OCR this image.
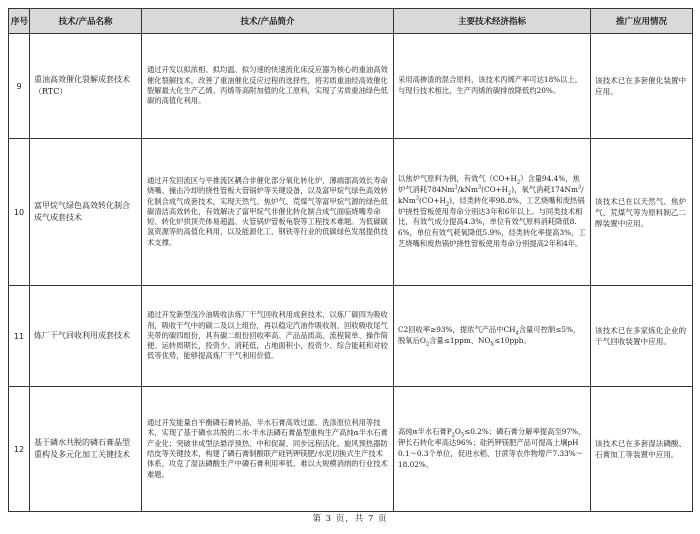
序号	技术/产品名称	技术/产品简介	主要技术经济指标	推广应用情况
9	重油高效催化裂解成套技术（RTC）	通过开发以拟浓相、拟均温、拟匀速的快速流化床反应器为核心的重油高效催化裂解技术，改善了重油催化反应过程的选择性，将劣质重油经高效催化裂解最大化生产乙烯、丙烯等高附加值的化工原料，实现了劣质重油绿色低碳的高值化利用。	采用高掺渣的混合原料，该技术丙烯产率可达18%以上，与现行技术相比，生产丙烯的碳排放降低约20%。	该技术已在多套催化装置中应用。
10	富甲烷气绿色高效转化制合成气成套技术	通过开发回流区与平推流区耦合非催化部分氧化转化炉、薄端部高效长寿命烧嘴、撞击冷却的挠性管板大管锅炉等关键设备，以及富甲烷气绿色高效转化制合成气成套技术，实现天然气、焦炉气、荒煤气等富甲烷气源的绿色低碳清洁高效转化，有效解决了富甲烷气非催化转化制合成气面临烧嘴寿命短、转化炉拱顶壳体易超温、火管锅炉管板龟裂等工程技术难题。为低碳碳氢资源等的高值化利用，以及能源化工、钢铁等行业的低碳绿色发展提供技术支撑。	以焦炉气原料为例，有效气$(CO+H_2)$含量94.4%，焦炉气消耗$784Nm^3/kNm^3(CO+H_2)$，氧气消耗$174Nm^3/kNm^3(CO+H_2)$，烃类转化率98.8%，工艺烧嘴和废热锅炉挠性管板使用寿命分别达3年和6年以上。与同类技术相比，有效气成分提高4.3%，单位有效气原料消耗降低8.6%，单位有效气耗氧降低5.9%，烃类转化率提高3%，工艺烧嘴和废热锅炉挠性管板使用寿命分别提高2年和4年。	该技术已在以天然气、焦炉气、荒煤气等为原料制乙二醇装置中应用。
11	炼厂干气回收利用成套技术	通过开发新型浅冷油吸收法炼厂干气回收利用成套技术，以炼厂碳四为吸收剂，吸收干气中的碳二及以上组份，再以稳定汽油作吸收剂，回收吸收尾气夹带的碳四组份，具有碳二组份回收率高、产品品质高、流程简单、操作简便、运转周期长，投资少、消耗低，占地面积小，投资少、综合能耗和对较低等优势，能够提高炼厂干气利用价值。	C2回收率≥93%，提浓气产品中$CH_4$含量可控制≤5%，脱氧后$O_2$含量≤1ppm、$NO_X\le 10ppb$。	该技术已在多家炼化企业的干气回收装置中应用。
12	基于磷水共脱的磷石膏晶型重构及多元化加工关键技术	通过开发能量自平衡磷石膏转晶、半水石膏高效过滤、洗涤原位利用等技术，实现了基于磷水共脱的二水-半水法磷石膏晶型重构生产高纯α半水石膏产业化；突破非成型法悬浮预热、中和促凝、同步远程活化、旋风预热器防结皮等关键技术，构建了磷石膏制酸联产硅钙钾镁肥/水泥切换式生产技术体系，攻克了湿法磷酸生产中磷石膏利用率低、难以大规模消纳的行业技术难题。	高纯α半水石膏$P_2O_5\le 0.2\%$；磷石膏分解率提高至97%，钾长石转化率高达96%；硅钙钾镁肥产品可提高土壤pH 0.1～0.3个单位，促进水稻、甘蔗等农作物增产7.33%～18.02%。	该技术已在多套湿法磷酸、石膏加工等装置中应用。
第 3 页，共 7 页
